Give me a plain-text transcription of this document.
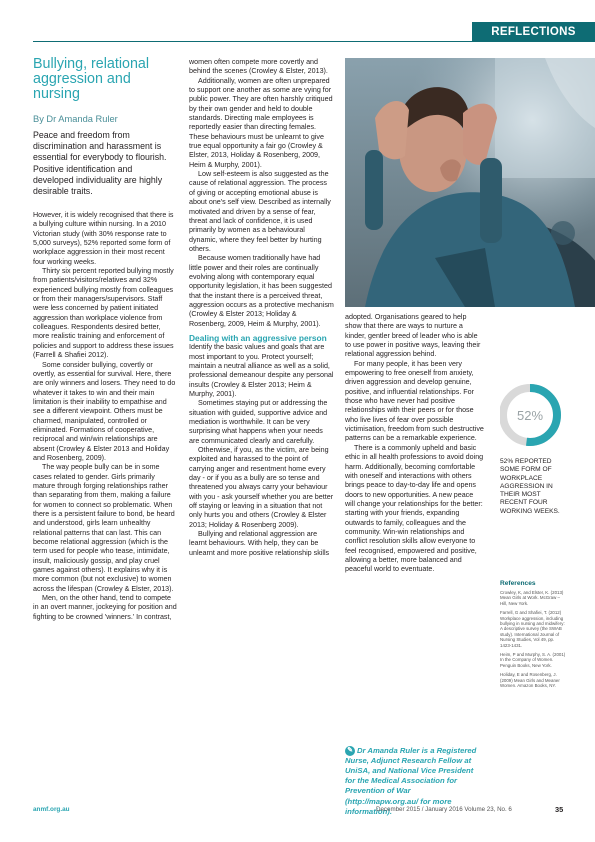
REFLECTIONS
Bullying, relational aggression and nursing
By Dr Amanda Ruler
Peace and freedom from discrimination and harassment is essential for everybody to flourish. Positive identification and developed individuality are highly desirable traits.

However, it is widely recognised that there is a bullying culture within nursing. In a 2010 Victorian study (with 30% response rate to 5,000 surveys), 52% reported some form of workplace aggression in their most recent four working weeks.

Thirty six percent reported bullying mostly from patients/visitors/relatives and 32% experienced bullying mostly from colleagues or from their managers/supervisors. Staff were less concerned by patient initiated aggression than workplace violence from colleagues. Respondents desired better, more realistic training and enforcement of policies and support to address these issues (Farrell & Shafiei 2012).

Some consider bullying, covertly or overtly, as essential for survival. Here, there are only winners and losers. They need to do whatever it takes to win and their main limitation is their inability to empathise and see a different viewpoint. Others must be charmed, manipulated, controlled or eliminated. Formations of cooperative, reciprocal and win/win relationships are absent (Crowley & Elster 2013 and Holiday and Rosenberg, 2009).

The way people bully can be in some cases related to gender. Girls primarily mature through forging relationships rather than separating from them, making a failure for women to connect so problematic. When there is a persistent failure to bond, be heard and understood, girls learn unhealthy relational patterns that can last. This can become relational aggression (which is the term used for people who tease, intimidate, insult, maliciously gossip, and play cruel games against others). It explains why it is more common (but not exclusive) to women across the lifespan (Crowley & Elster, 2013).

Men, on the other hand, tend to compete in an overt manner, jockeying for position and fighting to be crowned 'winners.' In contrast,

women often compete more covertly and behind the scenes (Crowley & Elster, 2013).

Additionally, women are often unprepared to support one another as some are vying for public power. They are often harshly critiqued by their own gender and held to double standards. Directing male employees is reportedly easier than directing females. These behaviours must be unlearnt to give true equal opportunity a fair go (Crowley & Elster, 2013, Holiday & Rosenberg, 2009, Heim & Murphy, 2001).

Low self-esteem is also suggested as the cause of relational aggression. The process of giving or accepting emotional abuse is about one's self view. Described as internally motivated and driven by a sense of fear, threat and lack of confidence, it is used primarily by women as a behavioural dynamic, where they feel better by hurting others.

Because women traditionally have had little power and their roles are continually evolving along with contemporary equal opportunity legislation, it has been suggested that the instant there is a perceived threat, aggression occurs as a protective mechanism (Crowley & Elster 2013; Holiday & Rosenberg, 2009, Heim & Murphy, 2001).

Dealing with an aggressive person

Identify the basic values and goals that are most important to you. Protect yourself; maintain a neutral alliance as well as a solid, professional demeanour despite any personal insults (Crowley & Elster 2013; Heim & Murphy, 2001).

Sometimes staying put or addressing the situation with guided, supportive advice and mediation is worthwhile. It can be very surprising what happens when your needs are communicated clearly and carefully.

Otherwise, if you, as the victim, are being exploited and harassed to the point of carrying anger and resentment home every day - or if you as a bully are so tense and threatened you always carry your behaviour with you - ask yourself whether you are better off staying or leaving in a situation that not only hurts you and others (Crowley & Elster 2013; Holiday & Rosenberg 2009).

Bullying and relational aggression are learnt behaviours. With help, they can be unlearnt and more positive relationship skills

adopted. Organisations geared to help show that there are ways to nurture a kinder, gentler breed of leader who is able to use power in positive ways, leaving their relational aggression behind.

For many people, it has been very empowering to free oneself from anxiety, driven aggression and develop genuine, positive, and influential relationships. For those who have never had positive relationships with their peers or for those who live lives of fear over possible victimisation, freedom from such destructive patterns can be a remarkable experience.

There is a commonly upheld and basic ethic in all health professions to avoid doing harm. Additionally, becoming comfortable with oneself and interactions with others brings peace to day-to-day life and opens doors to new opportunities. A new peace will change your relationships for the better: starting with your friends, expanding outwards to family, colleagues and the community. Win-win relationships and conflict resolution skills allow everyone to feel recognised, empowered and positive, allowing a better, more balanced and peaceful world to eventuate.

✎ Dr Amanda Ruler is a Registered Nurse, Adjunct Research Fellow at UniSA, and National Vice President for the Medical Association for Prevention of War (http://mapw.org.au/ for more information).
52%
52% REPORTED SOME FORM OF WORKPLACE AGGRESSION IN THEIR MOST RECENT FOUR WORKING WEEKS.
References
Crowley, K, and Elster, K. (2013) Mean Girls at Work. McGraw – Hill, New York.
Farrell, G and Shafiei, T. (2012) Workplace aggression, including bullying in nursing and midwifery: A descriptive survey (the SWAB study). International Journal of Nursing Studies, Vol 49, pp. 1423-1431.
Heim, P and Murphy, S. A. (2001) In the Company of Women. Penguin Books, New York.
Holiday, E and Rosenberg, J. (2009) Mean Girls and Meaner Women. Amazon Books, NY.
anmf.org.au	December 2015 / January 2016 Volume 23, No. 6	35
